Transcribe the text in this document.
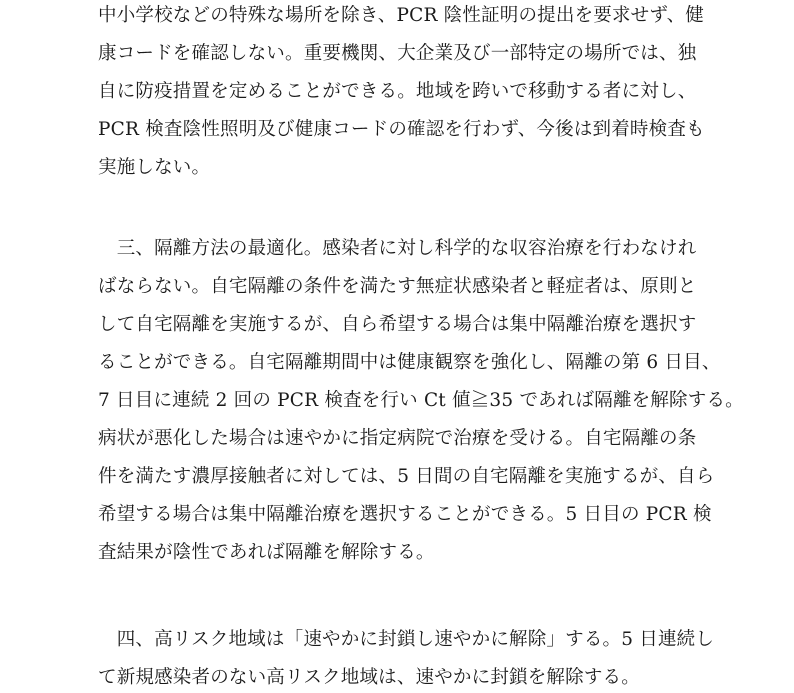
中小学校などの特殊な場所を除き、PCR 陰性証明の提出を要求せず、健
康コードを確認しない。重要機関、大企業及び一部特定の場所では、独
自に防疫措置を定めることができる。地域を跨いで移動する者に対し、
PCR 検査陰性照明及び健康コードの確認を行わず、今後は到着時検査も
実施しない。
　三、隔離方法の最適化。感染者に対し科学的な収容治療を行わなけれ
ばならない。自宅隔離の条件を満たす無症状感染者と軽症者は、原則と
して自宅隔離を実施するが、自ら希望する場合は集中隔離治療を選択す
ることができる。自宅隔離期間中は健康観察を強化し、隔離の第 6 日目、
7 日目に連続 2 回の PCR 検査を行い Ct 値≧35 であれば隔離を解除する。
病状が悪化した場合は速やかに指定病院で治療を受ける。自宅隔離の条
件を満たす濃厚接触者に対しては、5 日間の自宅隔離を実施するが、自ら
希望する場合は集中隔離治療を選択することができる。5 日目の PCR 検
査結果が陰性であれば隔離を解除する。
　四、高リスク地域は「速やかに封鎖し速やかに解除」する。5 日連続し
て新規感染者のない高リスク地域は、速やかに封鎖を解除する。
